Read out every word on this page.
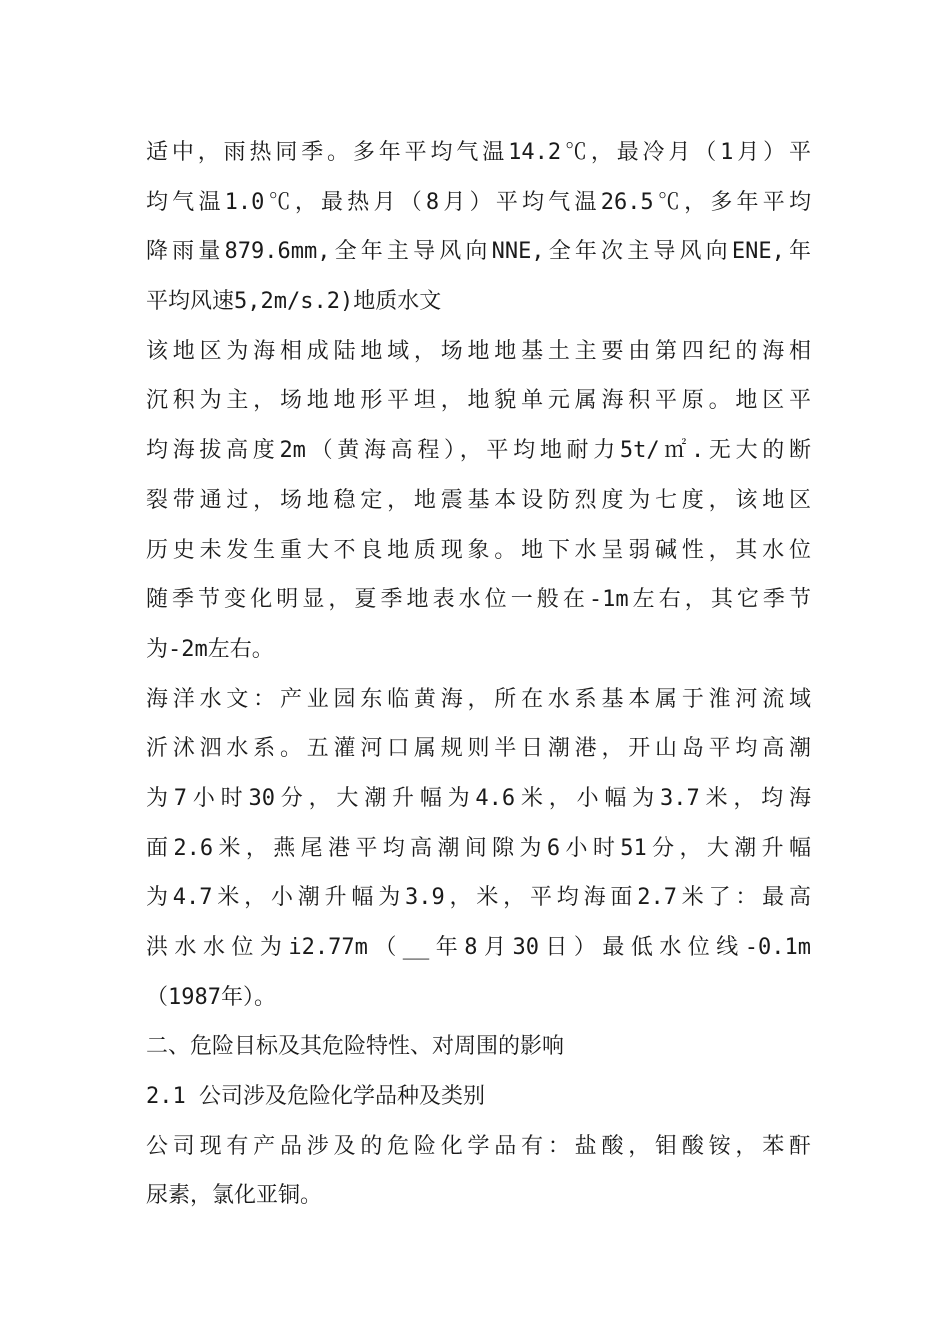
适中，雨热同季。多年平均气温14.2℃，最冷月（1月）平
均气温1.0℃，最热月（8月）平均气温26.5℃，多年平均
降雨量879.6mm,全年主导风向NNE,全年次主导风向ENE,年
平均风速5,2m/s.2)地质水文
该地区为海相成陆地域，场地地基土主要由第四纪的海相
沉积为主，场地地形平坦，地貌单元属海积平原。地区平
均海拔高度2m（黄海高程），平均地耐力5t/㎡.无大的断
裂带通过，场地稳定，地震基本设防烈度为七度，该地区
历史未发生重大不良地质现象。地下水呈弱碱性，其水位
随季节变化明显，夏季地表水位一般在-1m左右，其它季节
为-2m左右。
海洋水文：产业园东临黄海，所在水系基本属于淮河流域
沂沭泗水系。五灌河口属规则半日潮港，开山岛平均高潮
为7小时30分，大潮升幅为4.6米，小幅为3.7米，均海
面2.6米，燕尾港平均高潮间隙为6小时51分，大潮升幅
为4.7米，小潮升幅为3.9，米，平均海面2.7米了：最高
洪水水位为i2.77m（__年8月30日）最低水位线-0.1m
（1987年）。
二、危险目标及其危险特性、对周围的影响
2.1 公司涉及危险化学品种及类别
公司现有产品涉及的危险化学品有：盐酸，钼酸铵，苯酐
尿素，氯化亚铜。
